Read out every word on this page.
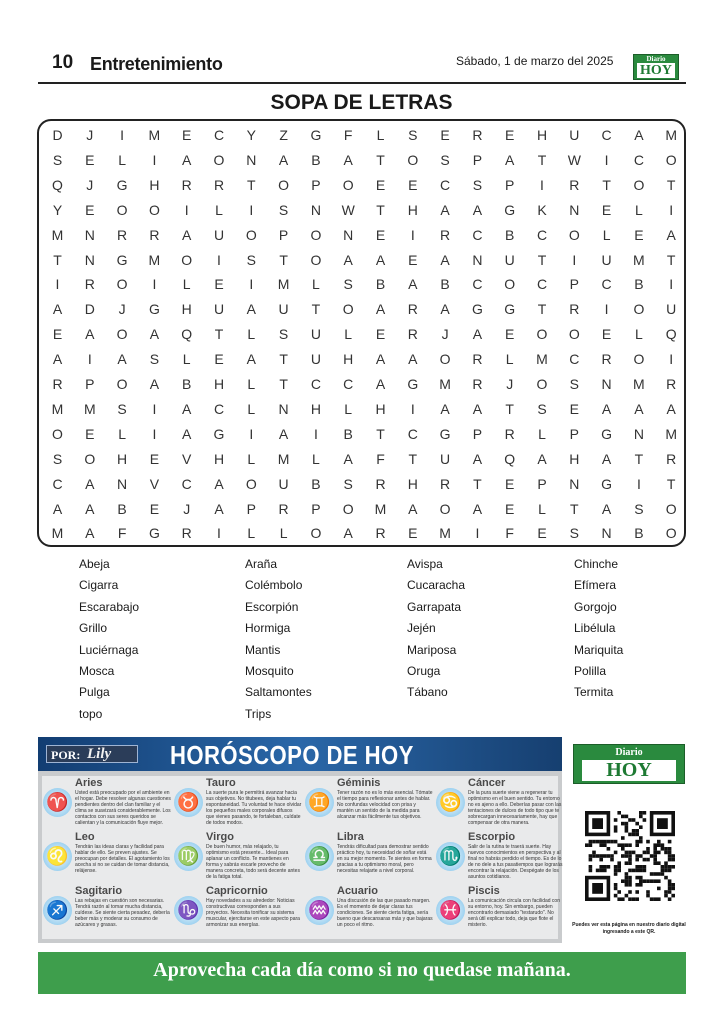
10 Entretenimiento	Sábado, 1 de marzo del 2025	Diario
HOY
SOPA DE LETRAS
D	J	I	M	E	C	Y	Z	G	F	L	S	E	R	E	H	U	C	A	M
S	E	L	I	A	O	N	A	B	A	T	O	S	P	A	T	W	I	C	O
Q	J	G	H	R	R	T	O	P	O	E	E	C	S	P	I	R	T	O	T
Y	E	O	O	I	L	I	S	N	W	T	H	A	A	G	K	N	E	L	I
M	N	R	R	A	U	O	P	O	N	E	I	R	C	B	C	O	L	E	A
T	N	G	M	O	I	S	T	O	A	A	E	A	N	U	T	I	U	M	T
I	R	O	I	L	E	I	M	L	S	B	A	B	C	O	C	P	C	B	I
A	D	J	G	H	U	A	U	T	O	A	R	A	G	G	T	R	I	O	U
E	A	O	A	Q	T	L	S	U	L	E	R	J	A	E	O	O	E	L	Q
A	I	A	S	L	E	A	T	U	H	A	A	O	R	L	M	C	R	O	I
R	P	O	A	B	H	L	T	C	C	A	G	M	R	J	O	S	N	M	R
M	M	S	I	A	C	L	N	H	L	H	I	A	A	T	S	E	A	A	A
O	E	L	I	A	G	I	A	I	B	T	C	G	P	R	L	P	G	N	M
S	O	H	E	V	H	L	M	L	A	F	T	U	A	Q	A	H	A	T	R
C	A	N	V	C	A	O	U	B	S	R	H	R	T	E	P	N	G	I	T
A	A	B	E	J	A	P	R	P	O	M	A	O	A	E	L	T	A	S	O
M	A	F	G	R	I	L	L	O	A	R	E	M	I	F	E	S	N	B	O
Abeja	Araña	Avispa	Chinche
Cigarra	Colémbolo	Cucaracha	Efímera
Escarabajo	Escorpión	Garrapata	Gorgojo
Grillo	Hormiga	Jején	Libélula
Luciérnaga	Mantis	Mariposa	Mariquita
Mosca	Mosquito	Oruga	Polilla
Pulga	Saltamontes	Tábano	Termita
topo	Trips
POR: Lily HORÓSCOPO DE HOY
♈
Aries
Usted está preocupado por el ambiente en el hogar. Debe resolver algunas cuestiones pendientes dentro del clan familiar y el clima se suavizará considerablemente. Los contactos con sus seres queridos se calientan y la comunicación fluye mejor.
♉
Tauro
La suerte pura le permitirá avanzar hacia sus objetivos. No titubees, deja hablar tu espontaneidad. Tu voluntad te hace olvidar los pequeños males corporales difusos que vienes pasando, te fortaleban, cuídate de todos modos.
♊
Géminis
Tener razón no es lo más esencial. Tómate el tiempo para reflexionar antes de hablar. No confundas velocidad con prisa y mantén un sentido de la medida para alcanzar más fácilmente tus objetivos.
♋
Cáncer
De la pura suerte viene a regenerar tu optimismo en el buen sentido. Tu entorno no es ajeno a ello. Deberías pasar con las tentaciones de dulces de todo tipo que te sobrecargan innecesariamente, hay que compensar de otra manera.
♌
Leo
Tendrán las ideas claras y facilidad para hablar de ello. Se preven ajustes. Se preocupan por detalles. El agotamiento los acecha si no se cuidan de tomar distancia, relájense.
♍
Virgo
De buen humor, más relajado, tu optimismo está presente... Ideal para aplanar un conflicto. Te mantienes en forma y sabrás escarle provecho de manera concreta, todo será decente antes de la fatiga total.
♎
Libra
Tendrás dificultad para demostrar sentido práctico hoy, tu necesidad de soñar está en su mejor momento. Te sientes en forma gracias a tu optimismo moral, pero necesitas relajarte a nivel corporal.
♏
Escorpio
Salir de la rutina te traerá suerte. Hay nuevos conocimientos en perspectiva y al final no habrás perdido el tiempo. Es de lo de no dele a tus pasatiempos que lograrás encontrar la relajación. Despégate de los asuntos cotidianos.
♐
Sagitario
Las rebajas en cuestión son necesarias. Tendrá razón al tomar mucha distancia, cuídese. Se siente cierta pesadez, debería beber más y moderar su consumo de azúcares y grasas.
♑
Capricornio
Hay novedades a su alrededor: Noticias constructivas corresponden a sus proyectos. Necesita tonificar su sistema muscular, ejercitarse en este aspecto para armonizar sus energías.
♒
Acuario
Una discusión de las que pasado margen. Es el momento de dejar claras tus condiciones. Se siente cierta fatiga, sería bueno que descansaras más y que bajaras un poco el ritmo.
♓
Piscis
La comunicación circula con facilidad con su entorno, hoy. Sin embargo, pueden encontrarlo demasiado "testarudo". No será útil explicar todo, deja que flote el misterio.
Diario
HOY
Puedes ver esta página en nuestro diario digital ingresando a este QR.
Aprovecha cada día como si no quedase mañana.
